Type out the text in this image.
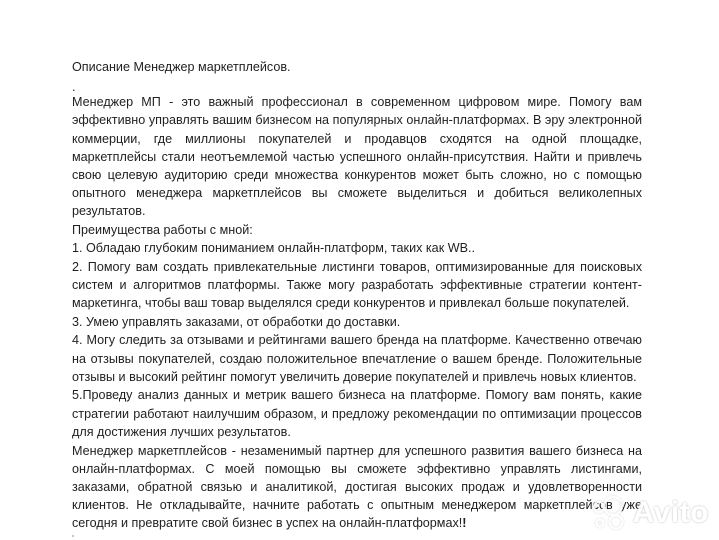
Описание Менеджер маркетплейсов.

.

Менеджер МП - это важный профессионал в современном цифровом мире. Помогу вам эффективно управлять вашим бизнесом на популярных онлайн-платформах. В эру электронной коммерции, где миллионы покупателей и продавцов сходятся на одной площадке, маркетплейсы стали неотъемлемой частью успешного онлайн-присутствия. Найти и привлечь свою целевую аудиторию среди множества конкурентов может быть сложно, но с помощью опытного менеджера маркетплейсов вы сможете выделиться и добиться великолепных результатов.

Преимущества работы с мной:

1. Обладаю глубоким пониманием онлайн-платформ, таких как WB..

2. Помогу вам создать привлекательные листинги товаров, оптимизированные для поисковых систем и алгоритмов платформы. Также могу разработать эффективные стратегии контент-маркетинга, чтобы ваш товар выделялся среди конкурентов и привлекал больше покупателей.

3. Умею управлять заказами, от обработки до доставки.

4. Могу следить за отзывами и рейтингами вашего бренда на платформе. Качественно отвечаю на отзывы покупателей, создаю положительное впечатление о вашем бренде. Положительные отзывы и высокий рейтинг помогут увеличить доверие покупателей и привлечь новых клиентов.

5.Проведу анализ данных и метрик вашего бизнеса на платформе. Помогу вам понять, какие стратегии работают наилучшим образом, и предложу рекомендации по оптимизации процессов для достижения лучших результатов.

Менеджер маркетплейсов - незаменимый партнер для успешного развития вашего бизнеса на онлайн-платформах. С моей помощью вы сможете эффективно управлять листингами, заказами, обратной связью и аналитикой, достигая высоких продаж и удовлетворенности клиентов. Не откладывайте, начните работать с опытным менеджером маркетплейсов уже сегодня и превратите свой бизнес в успех на онлайн-платформах!!	Avito
